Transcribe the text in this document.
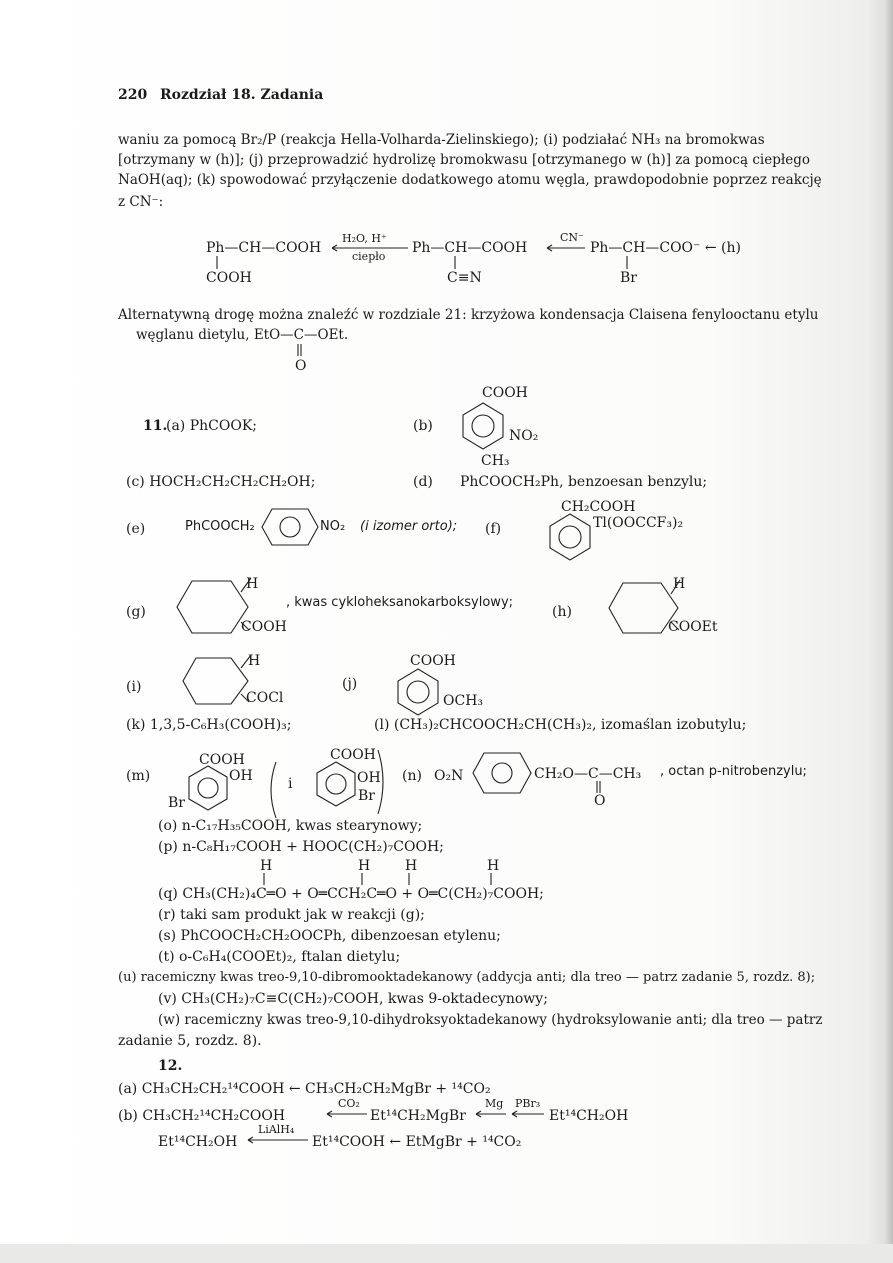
220 Rozdział 18. Zadania
waniu za pomocą Br₂/P (reakcja Hella-Volharda-Zielinskiego); (i) podziałać NH₃ na bromokwas
[otrzymany w (h)]; (j) przeprowadzić hydrolizę bromokwasu [otrzymanego w (h)] za pomocą ciepłego
NaOH(aq); (k) spowodować przyłączenie dodatkowego atomu węgla, prawdopodobnie poprzez reakcję
z CN⁻:
Ph—CH—COOH
COOH
H₂O, H⁺
ciepło
Ph—CH—COOH
C≡N
CN⁻
Ph—CH—COO⁻ ← (h)
Br
Alternatywną drogę można znaleźć w rozdziale 21: krzyżowa kondensacja Claisena fenylooctanu etylu
węglanu dietylu, EtO—C—OEt.
O
11.
(a) PhCOOK;	(b)
COOH
NO₂
CH₃
(c) HOCH₂CH₂CH₂CH₂OH;	(d) PhCOOCH₂Ph, benzoesan benzylu;
(e)	PhCOOCH₂	NO₂ (i izomer orto); (f)
CH₂COOH
Tl(OOCCF₃)₂
(g)
H
COOH
, kwas cykloheksanokarboksylowy;
(h)
H
COOEt
(i)
H
COCl
(j)
COOH
OCH₃
(k) 1,3,5-C₆H₃(COOH)₃;	(l) (CH₃)₂CHCOOCH₂CH(CH₃)₂, izomaślan izobutylu;
(m)
COOH
OH
Br
i
COOH
OH
Br
(n) O₂N	CH₂O—C—CH₃
O
, octan p-nitrobenzylu;
(o) n-C₁₇H₃₅COOH, kwas stearynowy;
(p) n-C₈H₁₇COOH + HOOC(CH₂)₇COOH;
H	H H	H
(q) CH₃(CH₂)₄C═O + O═CCH₂C═O + O═C(CH₂)₇COOH;
(r) taki sam produkt jak w reakcji (g);
(s) PhCOOCH₂CH₂OOCPh, dibenzoesan etylenu;
(t) o-C₆H₄(COOEt)₂, ftalan dietylu;
(u) racemiczny kwas treo-9,10-dibromooktadekanowy (addycja anti; dla treo — patrz zadanie 5, rozdz. 8);
(v) CH₃(CH₂)₇C≡C(CH₂)₇COOH, kwas 9-oktadecynowy;
(w) racemiczny kwas treo-9,10-dihydroksyoktadekanowy (hydroksylowanie anti; dla treo — patrz
zadanie 5, rozdz. 8).
12.
(a) CH₃CH₂CH₂¹⁴COOH ← CH₃CH₂CH₂MgBr + ¹⁴CO₂
(b) CH₃CH₂¹⁴CH₂COOH
CO₂
Et¹⁴CH₂MgBr
Mg PBr₃
Et¹⁴CH₂OH
Et¹⁴CH₂OH
LiAlH₄
Et¹⁴COOH ← EtMgBr + ¹⁴CO₂
